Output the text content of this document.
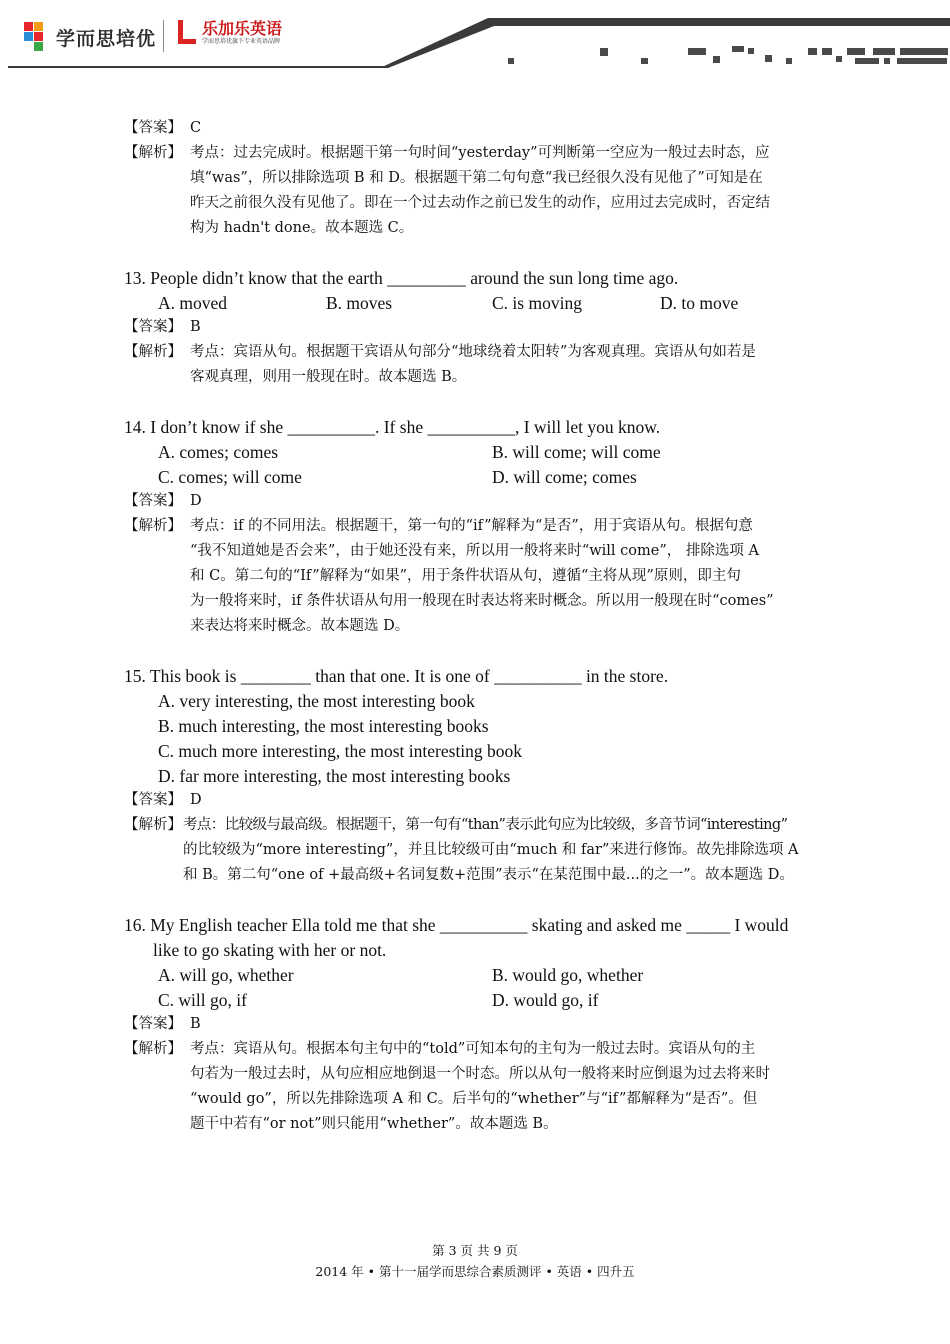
学而思培优	乐加乐英语
学而思培优旗下专业英语品牌
【答案】 C
【解析】 考点：过去完成时。根据题干第一句时间“yesterday”可判断第一空应为一般过去时态，应
填“was”，所以排除选项 B 和 D。根据题干第二句句意“我已经很久没有见他了”可知是在
昨天之前很久没有见他了。即在一个过去动作之前已发生的动作，应用过去完成时，否定结
构为 hadn't done。故本题选 C。
13. People didn’t know that the earth _________ around the sun long time ago.
A. moved	B. moves	C. is moving	D. to move
【答案】 B
【解析】 考点：宾语从句。根据题干宾语从句部分“地球绕着太阳转”为客观真理。宾语从句如若是
客观真理，则用一般现在时。故本题选 B。
14. I don’t know if she __________. If she __________, I will let you know.
A. comes; comes	B. will come; will come
C. comes; will come	D. will come; comes
【答案】 D
【解析】 考点：if 的不同用法。根据题干，第一句的“if”解释为“是否”，用于宾语从句。根据句意
“我不知道她是否会来”，由于她还没有来，所以用一般将来时“will come”， 排除选项 A
和 C。第二句的“If”解释为“如果”，用于条件状语从句，遵循“主将从现”原则，即主句
为一般将来时，if 条件状语从句用一般现在时表达将来时概念。所以用一般现在时“comes”
来表达将来时概念。故本题选 D。
15. This book is ________ than that one. It is one of __________ in the store.
A. very interesting, the most interesting book
B. much interesting, the most interesting books
C. much more interesting, the most interesting book
D. far more interesting, the most interesting books
【答案】 D
【解析】 考点：比较级与最高级。根据题干，第一句有“than”表示此句应为比较级，多音节词“interesting”
的比较级为“more interesting”，并且比较级可由“much 和 far”来进行修饰。故先排除选项 A
和 B。第二句“one of +最高级+名词复数+范围”表示“在某范围中最...的之一”。故本题选 D。
16. My English teacher Ella told me that she __________ skating and asked me _____ I would
like to go skating with her or not.
A. will go, whether	B. would go, whether
C. will go, if	D. would go, if
【答案】 B
【解析】 考点：宾语从句。根据本句主句中的“told”可知本句的主句为一般过去时。宾语从句的主
句若为一般过去时，从句应相应地倒退一个时态。所以从句一般将来时应倒退为过去将来时
“would go”，所以先排除选项 A 和 C。后半句的“whether”与“if”都解释为“是否”。但
题干中若有“or not”则只能用“whether”。故本题选 B。
第 3 页 共 9 页
2014 年 • 第十一届学而思综合素质测评 • 英语 • 四升五
